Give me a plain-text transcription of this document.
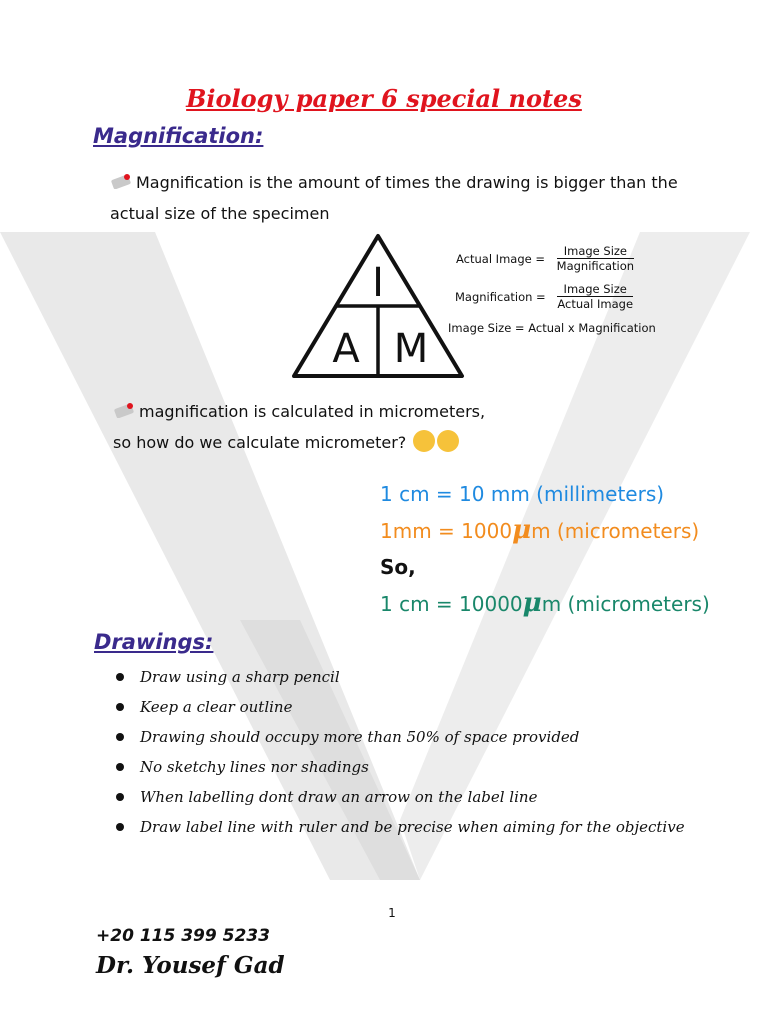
Biology paper 6 special notes
Magnification:
Magnification is the amount of times the drawing is bigger than the
actual size of the specimen
I
A M
Actual Image = $\frac{\text{Image Size}}{\text{Magnification}}$
Magnification = $\frac{\text{Image Size}}{\text{Actual Image}}$
Image Size = Actual x Magnification
magnification is calculated in micrometers,
so how do we calculate micrometer?
1 cm = 10 mm (millimeters)
1mm = 1000μm (micrometers)
So,
1 cm = 10000μm (micrometers)
Drawings:
Draw using a sharp pencil
Keep a clear outline
Drawing should occupy more than 50% of space provided
No sketchy lines nor shadings
When labelling dont draw an arrow on the label line
Draw label line with ruler and be precise when aiming for the objective
1
+20 115 399 5233
Dr. Yousef Gad
